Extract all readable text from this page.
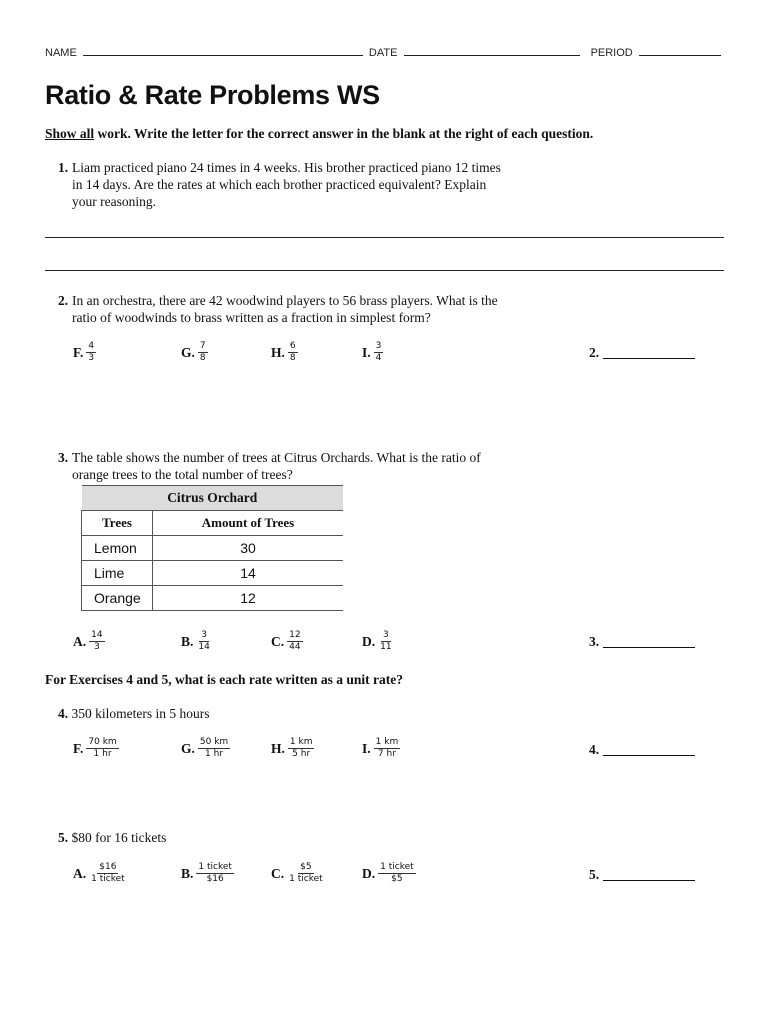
NAME	DATE	PERIOD
Ratio & Rate Problems WS
Show all work. Write the letter for the correct answer in the blank at the right of each question.
1. Liam practiced piano 24 times in 4 weeks. His brother practiced piano 12 times
in 14 days. Are the rates at which each brother practiced equivalent? Explain
your reasoning.
2. In an orchestra, there are 42 woodwind players to 56 brass players. What is the
ratio of woodwinds to brass written as a fraction in simplest form?
F. $\frac{4}{3}$	G. $\frac{7}{8}$	H. $\frac{6}{8}$	I. $\frac{3}{4}$	2.
3. The table shows the number of trees at Citrus Orchards. What is the ratio of
orange trees to the total number of trees?
Citrus Orchard	
Trees	Amount of Trees
Lemon	30
Lime	14
Orange	12
A. $\frac{14}{3}$	B. $\frac{3}{14}$	C. $\frac{12}{44}$	D. $\frac{3}{11}$	3.
For Exercises 4 and 5, what is each rate written as a unit rate?
4. 350 kilometers in 5 hours
F. $\frac{70 km}{1 hr}$	G. $\frac{50 km}{1 hr}$	H. $\frac{1 km}{5 hr}$	I. $\frac{1 km}{7 hr}$	4.
5. $80 for 16 tickets
A. $\frac{\$16}{\text{1 ticket}}$	B. $\frac{\text{1 ticket}}{\$16}$	C. $\frac{\$5}{\text{1 ticket}}$	D. $\frac{\text{1 ticket}}{\$5}$	5.
